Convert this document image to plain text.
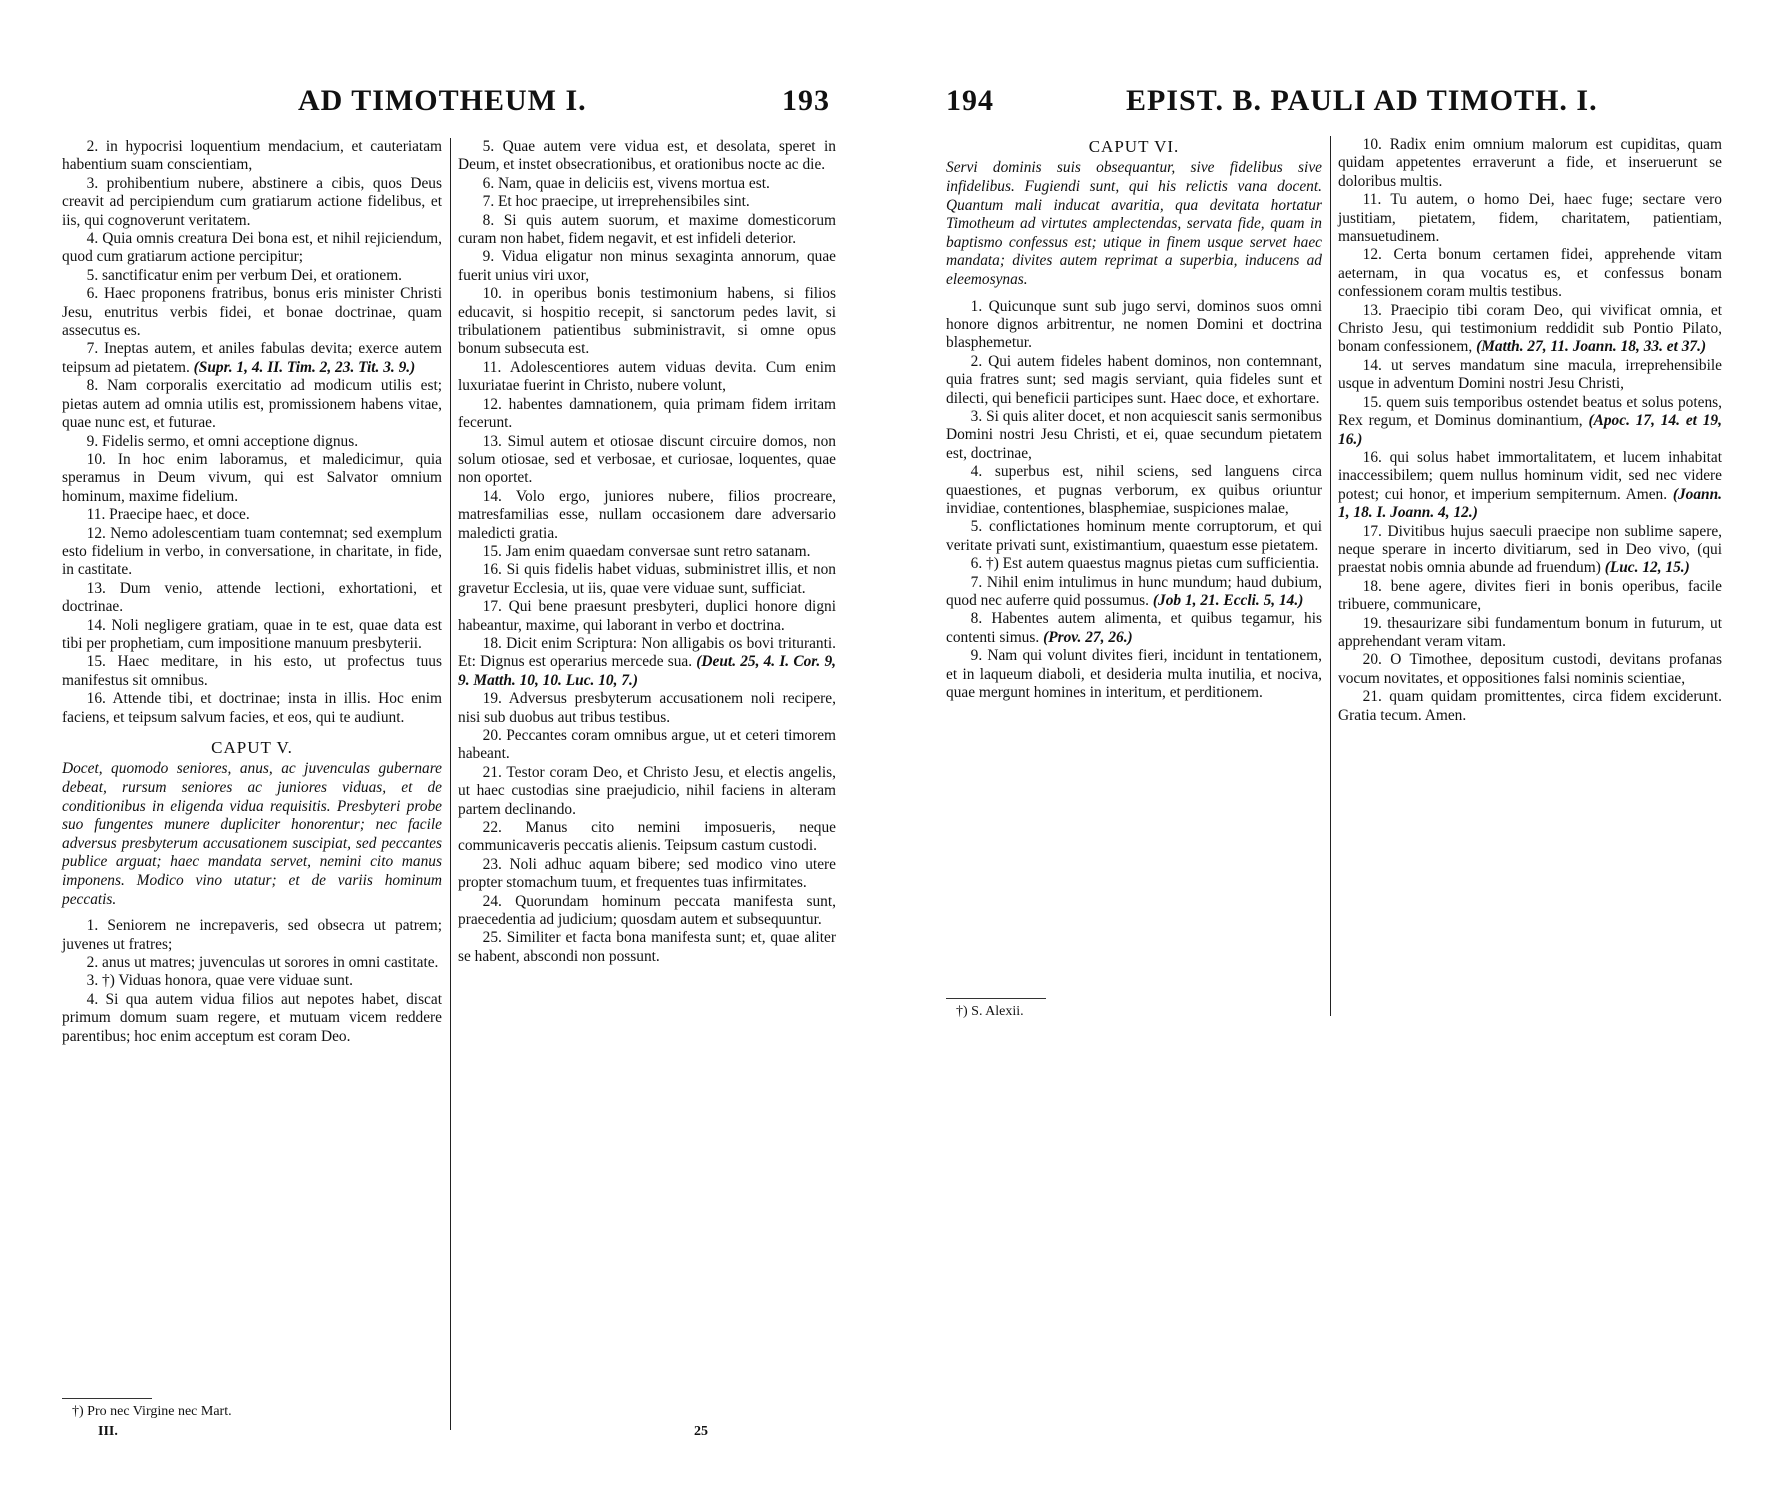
AD TIMOTHEUM I.	193

2. in hypocrisi loquentium mendacium, et cauteriatam habentium suam conscientiam,

3. prohibentium nubere, abstinere a cibis, quos Deus creavit ad percipiendum cum gratiarum actione fidelibus, et iis, qui cognoverunt veritatem.

4. Quia omnis creatura Dei bona est, et nihil rejiciendum, quod cum gratiarum actione percipitur;

5. sanctificatur enim per verbum Dei, et orationem.

6. Haec proponens fratribus, bonus eris minister Christi Jesu, enutritus verbis fidei, et bonae doctrinae, quam assecutus es.

7. Ineptas autem, et aniles fabulas devita; exerce autem teipsum ad pietatem. (Supr. 1, 4. II. Tim. 2, 23. Tit. 3. 9.)

8. Nam corporalis exercitatio ad modicum utilis est; pietas autem ad omnia utilis est, promissionem habens vitae, quae nunc est, et futurae.

9. Fidelis sermo, et omni acceptione dignus.

10. In hoc enim laboramus, et maledicimur, quia speramus in Deum vivum, qui est Salvator omnium hominum, maxime fidelium.

11. Praecipe haec, et doce.

12. Nemo adolescentiam tuam contemnat; sed exemplum esto fidelium in verbo, in conversatione, in charitate, in fide, in castitate.

13. Dum venio, attende lectioni, exhortationi, et doctrinae.

14. Noli negligere gratiam, quae in te est, quae data est tibi per prophetiam, cum impositione manuum presbyterii.

15. Haec meditare, in his esto, ut profectus tuus manifestus sit omnibus.

16. Attende tibi, et doctrinae; insta in illis. Hoc enim faciens, et teipsum salvum facies, et eos, qui te audiunt.

CAPUT V.
Docet, quomodo seniores, anus, ac juvenculas gubernare debeat, rursum seniores ac juniores viduas, et de conditionibus in eligenda vidua requisitis. Presbyteri probe suo fungentes munere dupliciter honorentur; nec facile adversus presbyterum accusationem suscipiat, sed peccantes publice arguat; haec mandata servet, nemini cito manus imponens. Modico vino utatur; et de variis hominum peccatis.

1. Seniorem ne increpaveris, sed obsecra ut patrem; juvenes ut fratres;

2. anus ut matres; juvenculas ut sorores in omni castitate.

3. †) Viduas honora, quae vere viduae sunt.

4. Si qua autem vidua filios aut nepotes habet, discat primum domum suam regere, et mutuam vicem reddere parentibus; hoc enim acceptum est coram Deo.

5. Quae autem vere vidua est, et desolata, speret in Deum, et instet obsecrationibus, et orationibus nocte ac die.

6. Nam, quae in deliciis est, vivens mortua est.

7. Et hoc praecipe, ut irreprehensibiles sint.

8. Si quis autem suorum, et maxime domesticorum curam non habet, fidem negavit, et est infideli deterior.

9. Vidua eligatur non minus sexaginta annorum, quae fuerit unius viri uxor,

10. in operibus bonis testimonium habens, si filios educavit, si hospitio recepit, si sanctorum pedes lavit, si tribulationem patientibus subministravit, si omne opus bonum subsecuta est.

11. Adolescentiores autem viduas devita. Cum enim luxuriatae fuerint in Christo, nubere volunt,

12. habentes damnationem, quia primam fidem irritam fecerunt.

13. Simul autem et otiosae discunt circuire domos, non solum otiosae, sed et verbosae, et curiosae, loquentes, quae non oportet.

14. Volo ergo, juniores nubere, filios procreare, matresfamilias esse, nullam occasionem dare adversario maledicti gratia.

15. Jam enim quaedam conversae sunt retro satanam.

16. Si quis fidelis habet viduas, subministret illis, et non gravetur Ecclesia, ut iis, quae vere viduae sunt, sufficiat.

17. Qui bene praesunt presbyteri, duplici honore digni habeantur, maxime, qui laborant in verbo et doctrina.

18. Dicit enim Scriptura: Non alligabis os bovi trituranti. Et: Dignus est operarius mercede sua. (Deut. 25, 4. I. Cor. 9, 9. Matth. 10, 10. Luc. 10, 7.)

19. Adversus presbyterum accusationem noli recipere, nisi sub duobus aut tribus testibus.

20. Peccantes coram omnibus argue, ut et ceteri timorem habeant.

21. Testor coram Deo, et Christo Jesu, et electis angelis, ut haec custodias sine praejudicio, nihil faciens in alteram partem declinando.

22. Manus cito nemini imposueris, neque communicaveris peccatis alienis. Teipsum castum custodi.

23. Noli adhuc aquam bibere; sed modico vino utere propter stomachum tuum, et frequentes tuas infirmitates.

24. Quorundam hominum peccata manifesta sunt, praecedentia ad judicium; quosdam autem et subsequuntur.

25. Similiter et facta bona manifesta sunt; et, quae aliter se habent, abscondi non possunt.

†) Pro nec Virgine nec Mart.
III.	25
194	EPIST. B. PAULI AD TIMOTH. I.
CAPUT VI.
Servi dominis suis obsequantur, sive fidelibus sive infidelibus. Fugiendi sunt, qui his relictis vana docent. Quantum mali inducat avaritia, qua devitata hortatur Timotheum ad virtutes amplectendas, servata fide, quam in baptismo confessus est; utique in finem usque servet haec mandata; divites autem reprimat a superbia, inducens ad eleemosynas.

1. Quicunque sunt sub jugo servi, dominos suos omni honore dignos arbitrentur, ne nomen Domini et doctrina blasphemetur.

2. Qui autem fideles habent dominos, non contemnant, quia fratres sunt; sed magis serviant, quia fideles sunt et dilecti, qui beneficii participes sunt. Haec doce, et exhortare.

3. Si quis aliter docet, et non acquiescit sanis sermonibus Domini nostri Jesu Christi, et ei, quae secundum pietatem est, doctrinae,

4. superbus est, nihil sciens, sed languens circa quaestiones, et pugnas verborum, ex quibus oriuntur invidiae, contentiones, blasphemiae, suspiciones malae,

5. conflictationes hominum mente corruptorum, et qui veritate privati sunt, existimantium, quaestum esse pietatem.

6. †) Est autem quaestus magnus pietas cum sufficientia.

7. Nihil enim intulimus in hunc mundum; haud dubium, quod nec auferre quid possumus. (Job 1, 21. Eccli. 5, 14.)

8. Habentes autem alimenta, et quibus tegamur, his contenti simus. (Prov. 27, 26.)

9. Nam qui volunt divites fieri, incidunt in tentationem, et in laqueum diaboli, et desideria multa inutilia, et nociva, quae mergunt homines in interitum, et perditionem.

†) S. Alexii.

10. Radix enim omnium malorum est cupiditas, quam quidam appetentes erraverunt a fide, et inseruerunt se doloribus multis.

11. Tu autem, o homo Dei, haec fuge; sectare vero justitiam, pietatem, fidem, charitatem, patientiam, mansuetudinem.

12. Certa bonum certamen fidei, apprehende vitam aeternam, in qua vocatus es, et confessus bonam confessionem coram multis testibus.

13. Praecipio tibi coram Deo, qui vivificat omnia, et Christo Jesu, qui testimonium reddidit sub Pontio Pilato, bonam confessionem, (Matth. 27, 11. Joann. 18, 33. et 37.)

14. ut serves mandatum sine macula, irreprehensibile usque in adventum Domini nostri Jesu Christi,

15. quem suis temporibus ostendet beatus et solus potens, Rex regum, et Dominus dominantium, (Apoc. 17, 14. et 19, 16.)

16. qui solus habet immortalitatem, et lucem inhabitat inaccessibilem; quem nullus hominum vidit, sed nec videre potest; cui honor, et imperium sempiternum. Amen. (Joann. 1, 18. I. Joann. 4, 12.)

17. Divitibus hujus saeculi praecipe non sublime sapere, neque sperare in incerto divitiarum, sed in Deo vivo, (qui praestat nobis omnia abunde ad fruendum) (Luc. 12, 15.)

18. bene agere, divites fieri in bonis operibus, facile tribuere, communicare,

19. thesaurizare sibi fundamentum bonum in futurum, ut apprehendant veram vitam.

20. O Timothee, depositum custodi, devitans profanas vocum novitates, et oppositiones falsi nominis scientiae,

21. quam quidam promittentes, circa fidem exciderunt. Gratia tecum. Amen.
